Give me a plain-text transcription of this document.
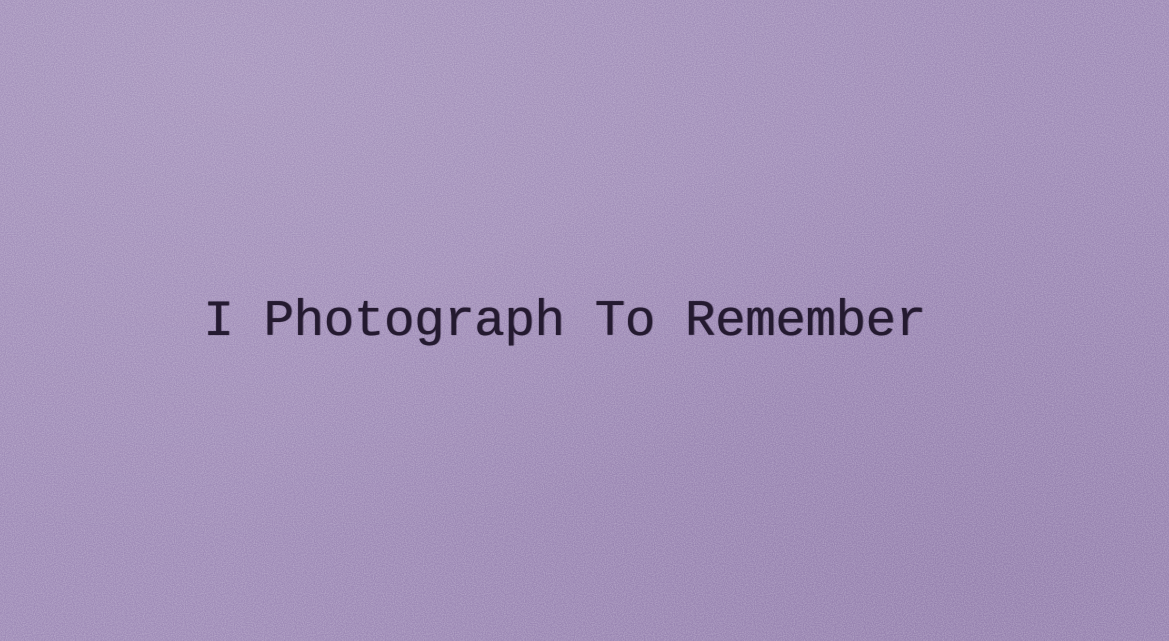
I Photograph To Remember
